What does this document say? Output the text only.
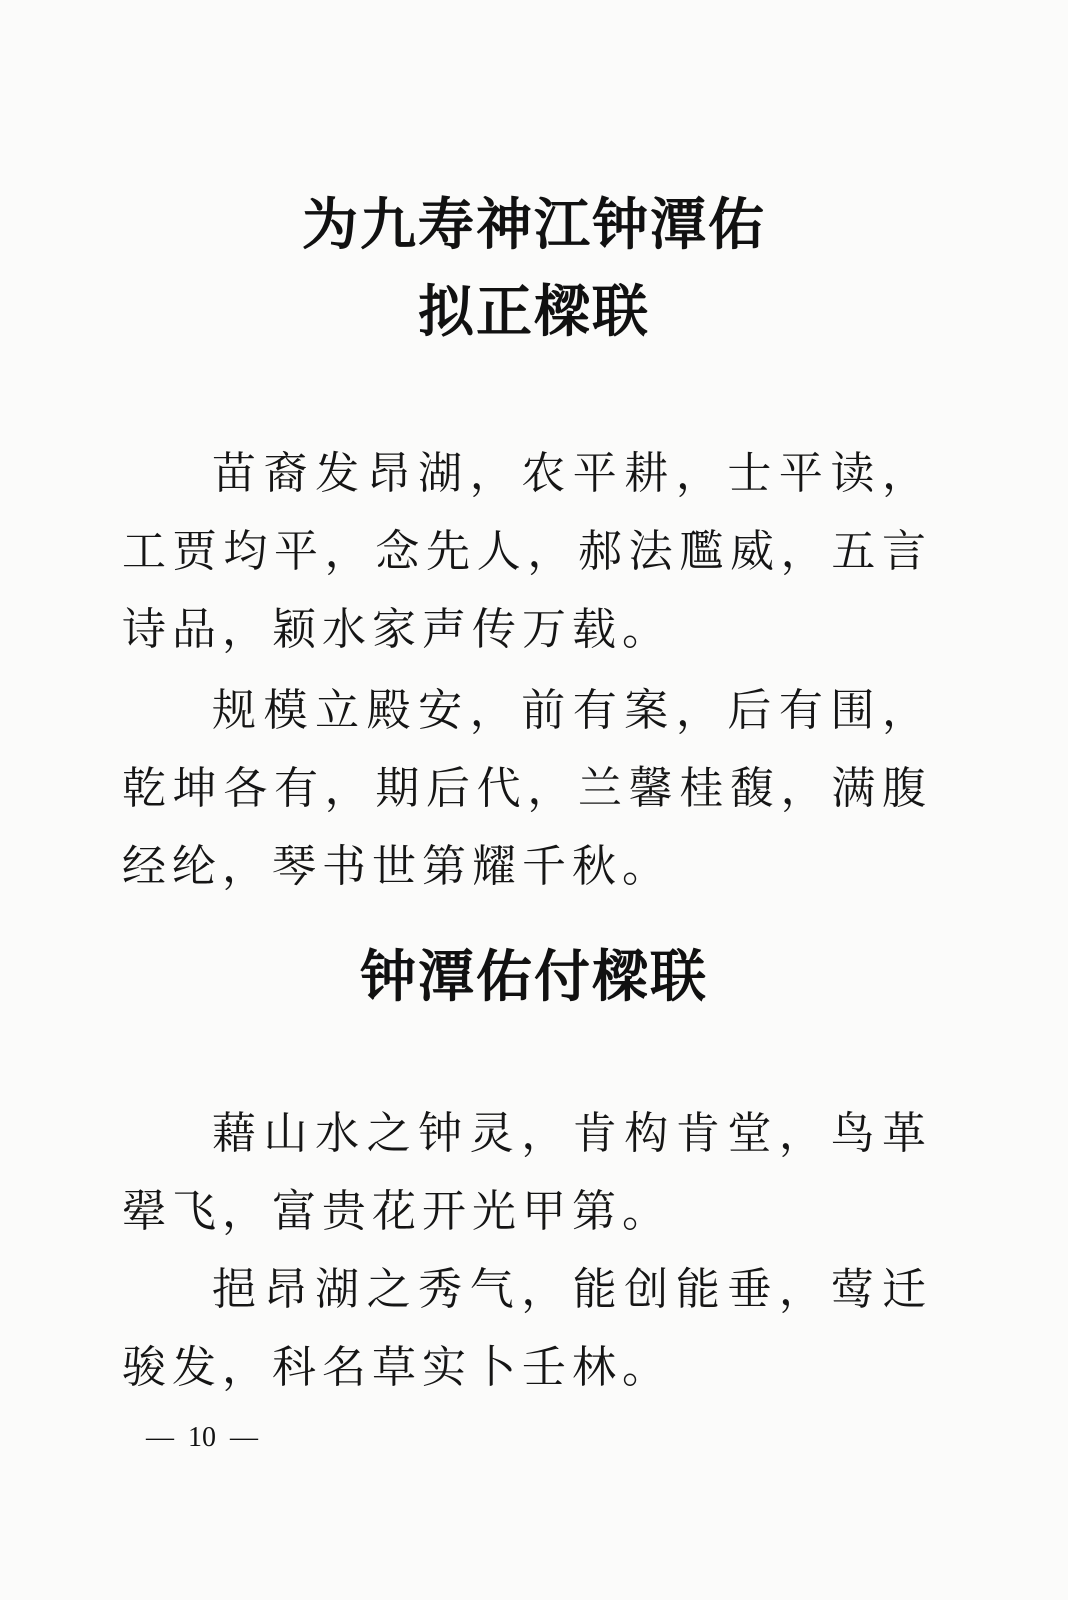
为九寿神江钟潭佑
拟正樑联

苗裔发昂湖，农平耕，士平读，工贾均平，念先人，郝法尶威，五言诗品，颖水家声传万载。

规模立殿安，前有案，后有围，乾坤各有，期后代，兰馨桂馥，满腹经纶，琴书世第耀千秋。

钟潭佑付樑联

藉山水之钟灵，肯构肯堂，鸟革翚飞，富贵花开光甲第。

挹昂湖之秀气，能创能垂，莺迁骏发，科名草实卜壬林。

—  10  —
